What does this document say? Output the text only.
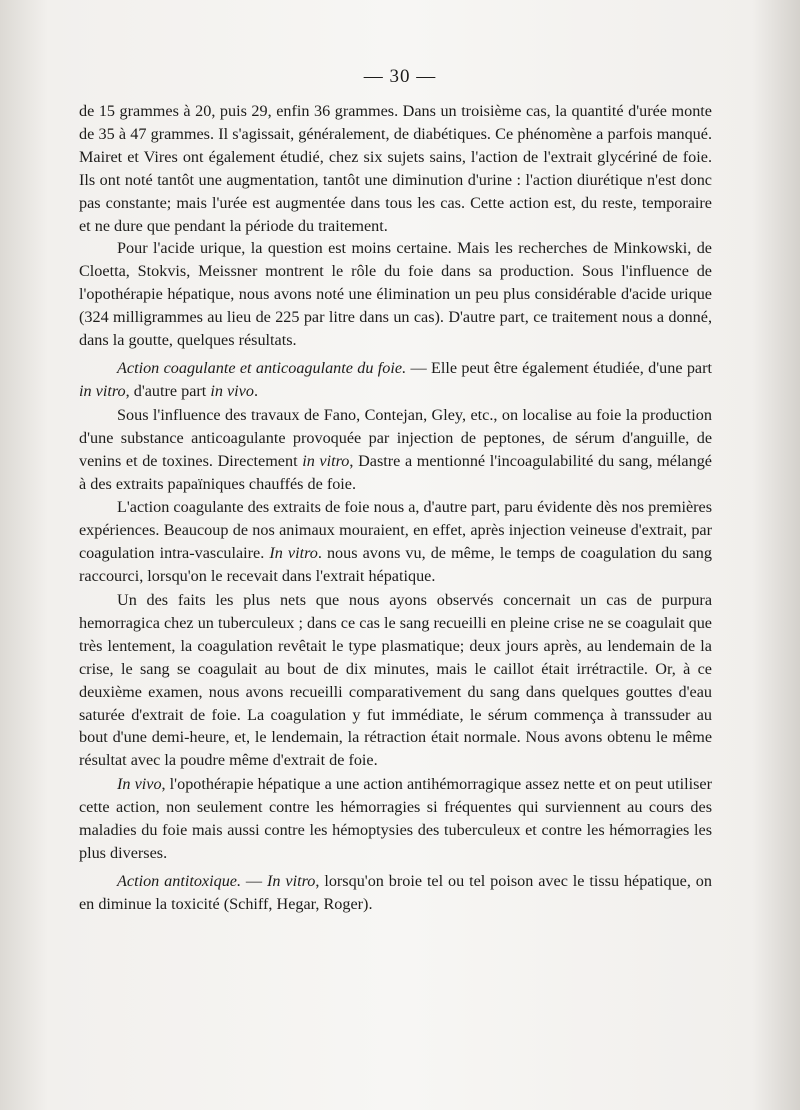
— 30 —

de 15 grammes à 20, puis 29, enfin 36 grammes. Dans un troisième cas, la quantité d'urée monte de 35 à 47 grammes. Il s'agissait, généralement, de diabétiques. Ce phénomène a parfois manqué. Mairet et Vires ont également étudié, chez six sujets sains, l'action de l'extrait glycériné de foie. Ils ont noté tantôt une augmentation, tantôt une diminution d'urine : l'action diurétique n'est donc pas constante; mais l'urée est augmentée dans tous les cas. Cette action est, du reste, temporaire et ne dure que pendant la période du traitement.

Pour l'acide urique, la question est moins certaine. Mais les recherches de Minkowski, de Cloetta, Stokvis, Meissner montrent le rôle du foie dans sa production. Sous l'influence de l'opothérapie hépatique, nous avons noté une élimination un peu plus considérable d'acide urique (324 milligrammes au lieu de 225 par litre dans un cas). D'autre part, ce traitement nous a donné, dans la goutte, quelques résultats.

Action coagulante et anticoagulante du foie. — Elle peut être également étudiée, d'une part in vitro, d'autre part in vivo.

Sous l'influence des travaux de Fano, Contejan, Gley, etc., on localise au foie la production d'une substance anticoagulante provoquée par injection de peptones, de sérum d'anguille, de venins et de toxines. Directement in vitro, Dastre a mentionné l'incoagulabilité du sang, mélangé à des extraits papaïniques chauffés de foie.

L'action coagulante des extraits de foie nous a, d'autre part, paru évidente dès nos premières expériences. Beaucoup de nos animaux mouraient, en effet, après injection veineuse d'extrait, par coagulation intra-vasculaire. In vitro. nous avons vu, de même, le temps de coagulation du sang raccourci, lorsqu'on le recevait dans l'extrait hépatique.

Un des faits les plus nets que nous ayons observés concernait un cas de purpura hemorragica chez un tuberculeux ; dans ce cas le sang recueilli en pleine crise ne se coagulait que très lentement, la coagulation revêtait le type plasmatique; deux jours après, au lendemain de la crise, le sang se coagulait au bout de dix minutes, mais le caillot était irrétractile. Or, à ce deuxième examen, nous avons recueilli comparativement du sang dans quelques gouttes d'eau saturée d'extrait de foie. La coagulation y fut immédiate, le sérum commença à transsuder au bout d'une demi-heure, et, le lendemain, la rétraction était normale. Nous avons obtenu le même résultat avec la poudre même d'extrait de foie.

In vivo, l'opothérapie hépatique a une action antihémorragique assez nette et on peut utiliser cette action, non seulement contre les hémorragies si fréquentes qui surviennent au cours des maladies du foie mais aussi contre les hémoptysies des tuberculeux et contre les hémorragies les plus diverses.

Action antitoxique. — In vitro, lorsqu'on broie tel ou tel poison avec le tissu hépatique, on en diminue la toxicité (Schiff, Hegar, Roger).
